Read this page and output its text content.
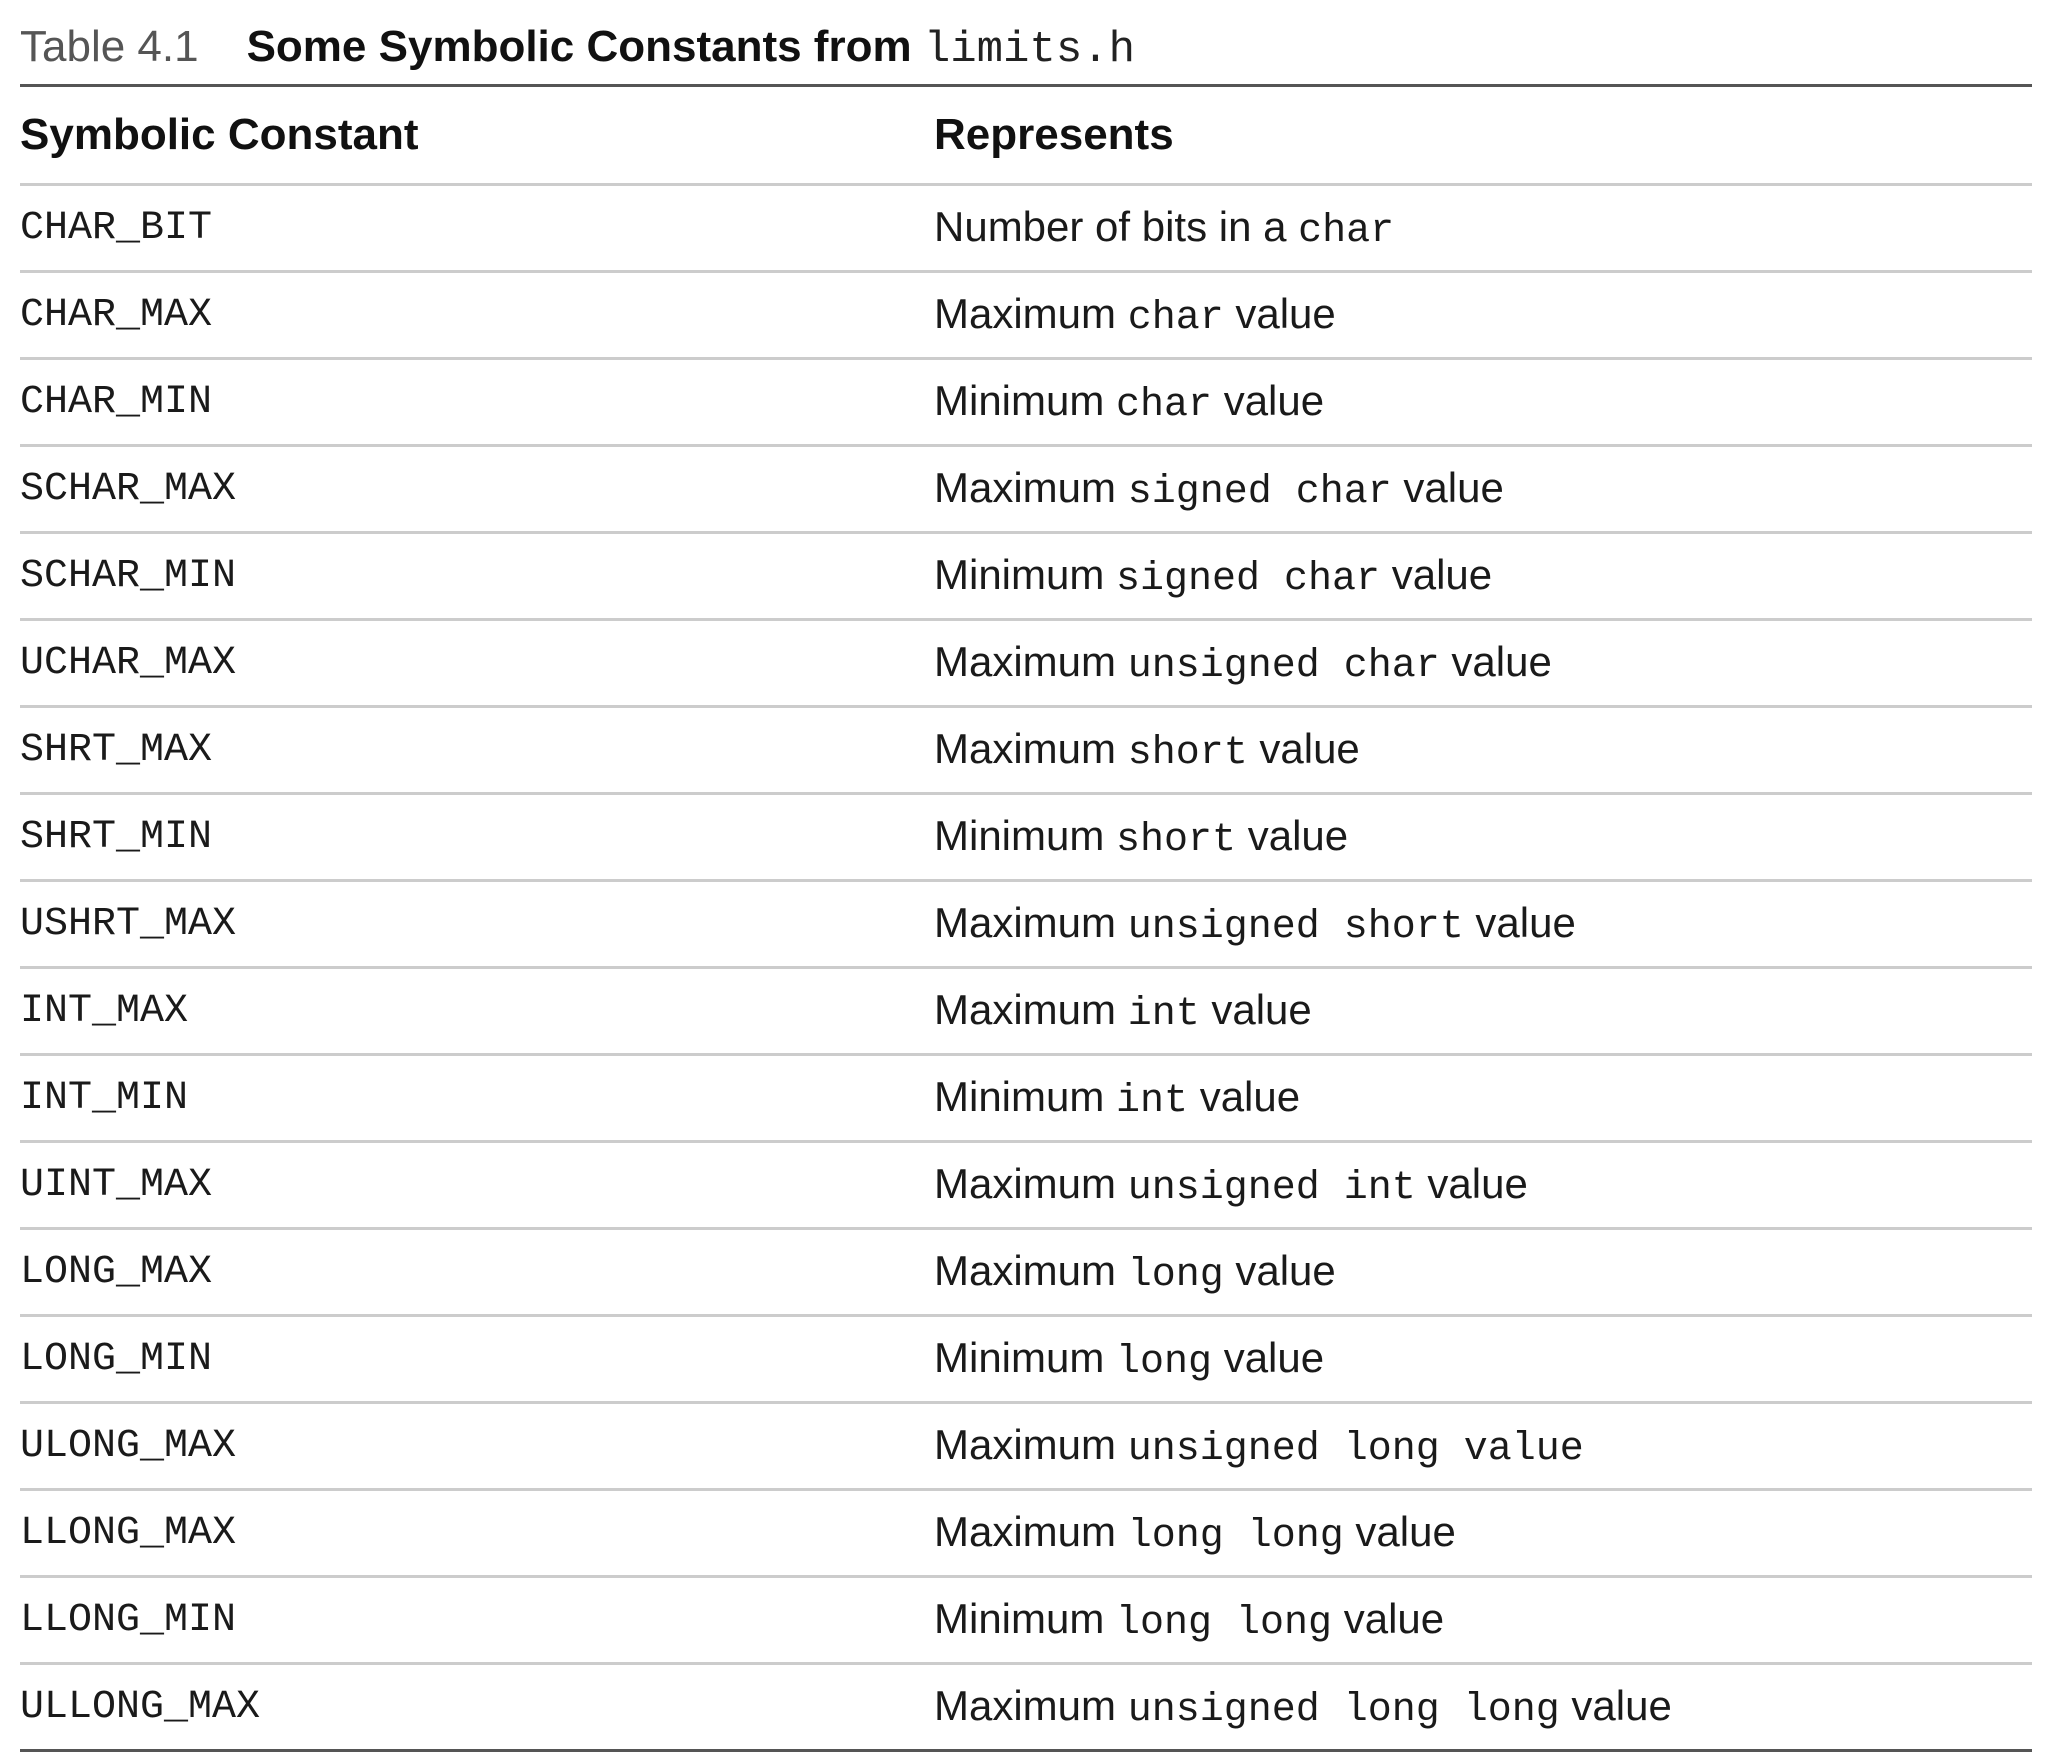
Table 4.1 Some Symbolic Constants from limits.h
Symbolic Constant	Represents
CHAR_BIT	Number of bits in a char
CHAR_MAX	Maximum char value
CHAR_MIN	Minimum char value
SCHAR_MAX	Maximum signed char value
SCHAR_MIN	Minimum signed char value
UCHAR_MAX	Maximum unsigned char value
SHRT_MAX	Maximum short value
SHRT_MIN	Minimum short value
USHRT_MAX	Maximum unsigned short value
INT_MAX	Maximum int value
INT_MIN	Minimum int value
UINT_MAX	Maximum unsigned int value
LONG_MAX	Maximum long value
LONG_MIN	Minimum long value
ULONG_MAX	Maximum unsigned long value
LLONG_MAX	Maximum long long value
LLONG_MIN	Minimum long long value
ULLONG_MAX	Maximum unsigned long long value
